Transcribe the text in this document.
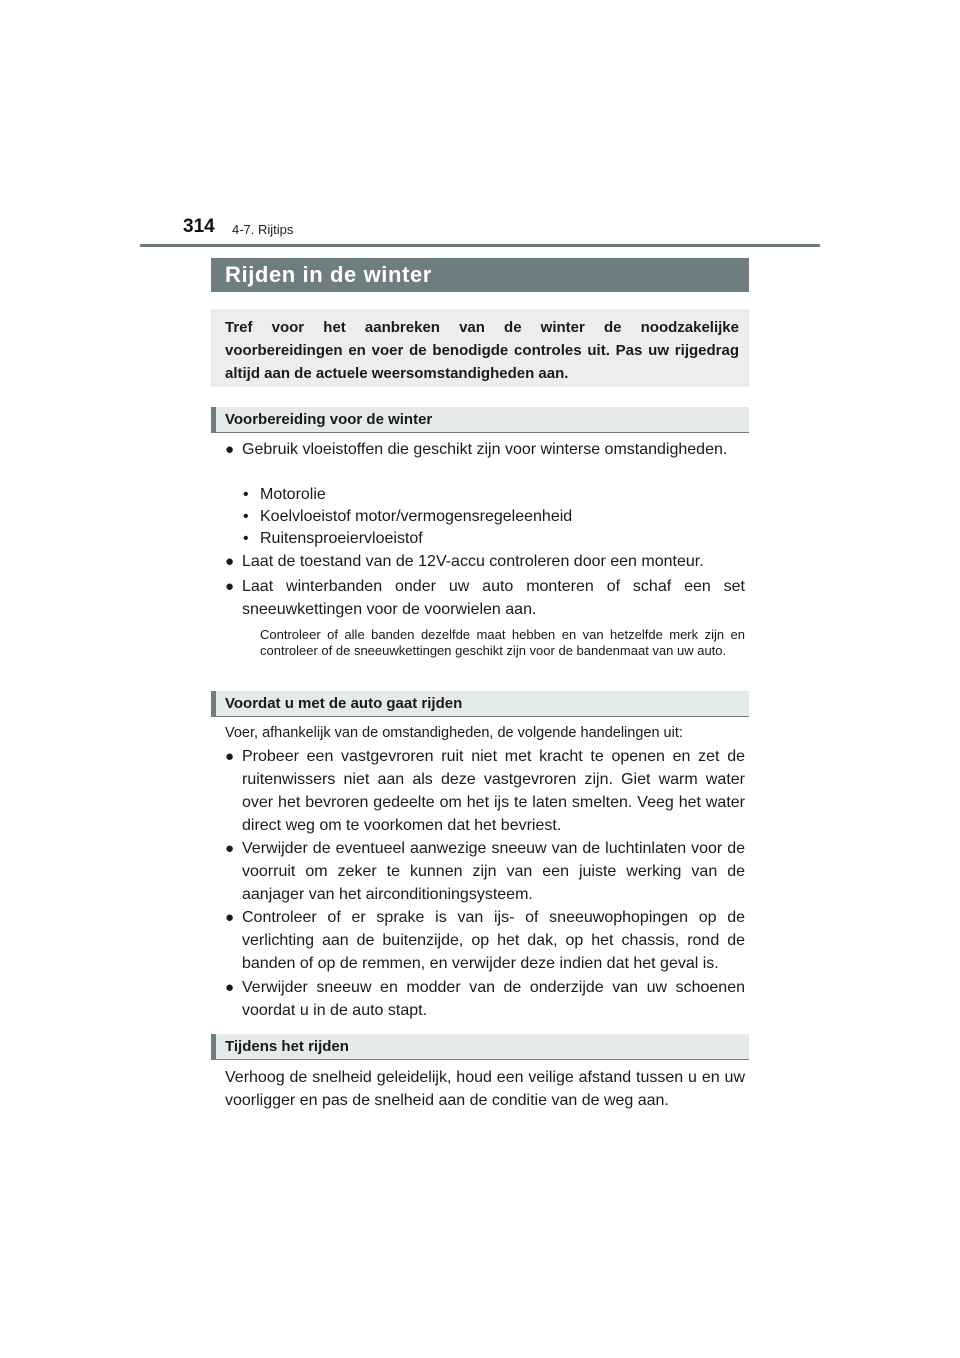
314 4-7. Rijtips
Rijden in de winter
Tref voor het aanbreken van de winter de noodzakelijke voorbereidingen en voer de benodigde controles uit. Pas uw rijgedrag altijd aan de actuele weersomstandigheden aan.
Voorbereiding voor de winter
● Gebruik vloeistoffen die geschikt zijn voor winterse omstandigheden.
• Motorolie
• Koelvloeistof motor/vermogensregeleenheid
• Ruitensproeiervloeistof
● Laat de toestand van de 12V-accu controleren door een monteur.
● Laat winterbanden onder uw auto monteren of schaf een set sneeuwkettingen voor de voorwielen aan.
Controleer of alle banden dezelfde maat hebben en van hetzelfde merk zijn en controleer of de sneeuwkettingen geschikt zijn voor de bandenmaat van uw auto.
Voordat u met de auto gaat rijden
Voer, afhankelijk van de omstandigheden, de volgende handelingen uit:
● Probeer een vastgevroren ruit niet met kracht te openen en zet de ruitenwissers niet aan als deze vastgevroren zijn. Giet warm water over het bevroren gedeelte om het ijs te laten smelten. Veeg het water direct weg om te voorkomen dat het bevriest.
● Verwijder de eventueel aanwezige sneeuw van de luchtinlaten voor de voorruit om zeker te kunnen zijn van een juiste werking van de aanjager van het airconditioningsysteem.
● Controleer of er sprake is van ijs- of sneeuwophopingen op de verlichting aan de buitenzijde, op het dak, op het chassis, rond de banden of op de remmen, en verwijder deze indien dat het geval is.
● Verwijder sneeuw en modder van de onderzijde van uw schoenen voordat u in de auto stapt.
Tijdens het rijden
Verhoog de snelheid geleidelijk, houd een veilige afstand tussen u en uw voorligger en pas de snelheid aan de conditie van de weg aan.
